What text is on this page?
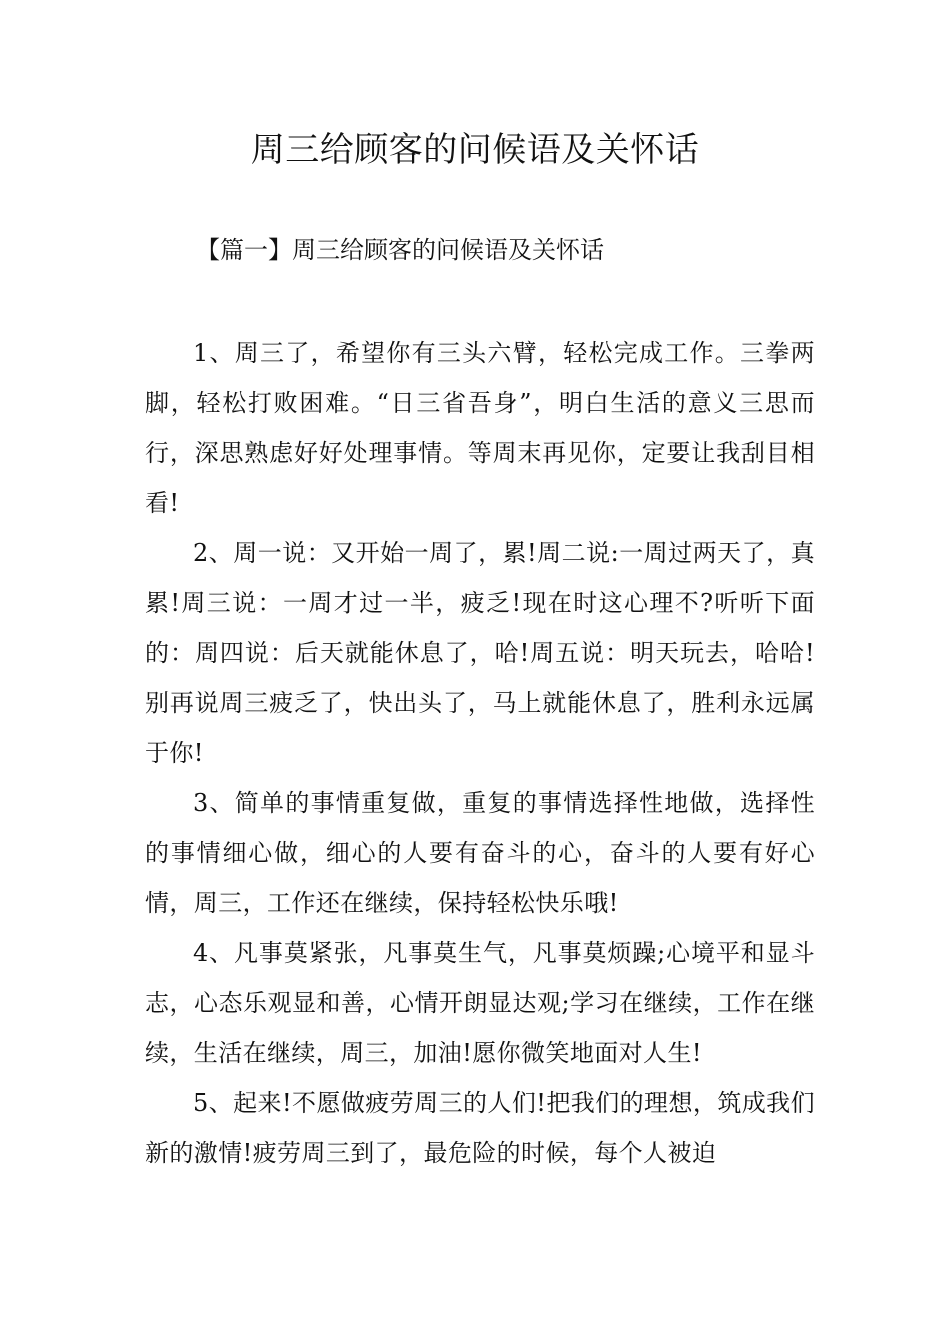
周三给顾客的问候语及关怀话
【篇一】周三给顾客的问候语及关怀话

1、周三了，希望你有三头六臂，轻松完成工作。三拳两脚，轻松打败困难。“日三省吾身”，明白生活的意义三思而行，深思熟虑好好处理事情。等周末再见你，定要让我刮目相看!

2、周一说：又开始一周了，累!周二说:一周过两天了，真累!周三说：一周才过一半，疲乏!现在时这心理不?听听下面的：周四说：后天就能休息了，哈!周五说：明天玩去，哈哈!别再说周三疲乏了，快出头了，马上就能休息了，胜利永远属于你!

3、简单的事情重复做，重复的事情选择性地做，选择性的事情细心做，细心的人要有奋斗的心，奋斗的人要有好心情，周三，工作还在继续，保持轻松快乐哦!

4、凡事莫紧张，凡事莫生气，凡事莫烦躁;心境平和显斗志，心态乐观显和善，心情开朗显达观;学习在继续，工作在继续，生活在继续，周三，加油!愿你微笑地面对人生!

5、起来!不愿做疲劳周三的人们!把我们的理想，筑成我们新的激情!疲劳周三到了，最危险的时候，每个人被迫
